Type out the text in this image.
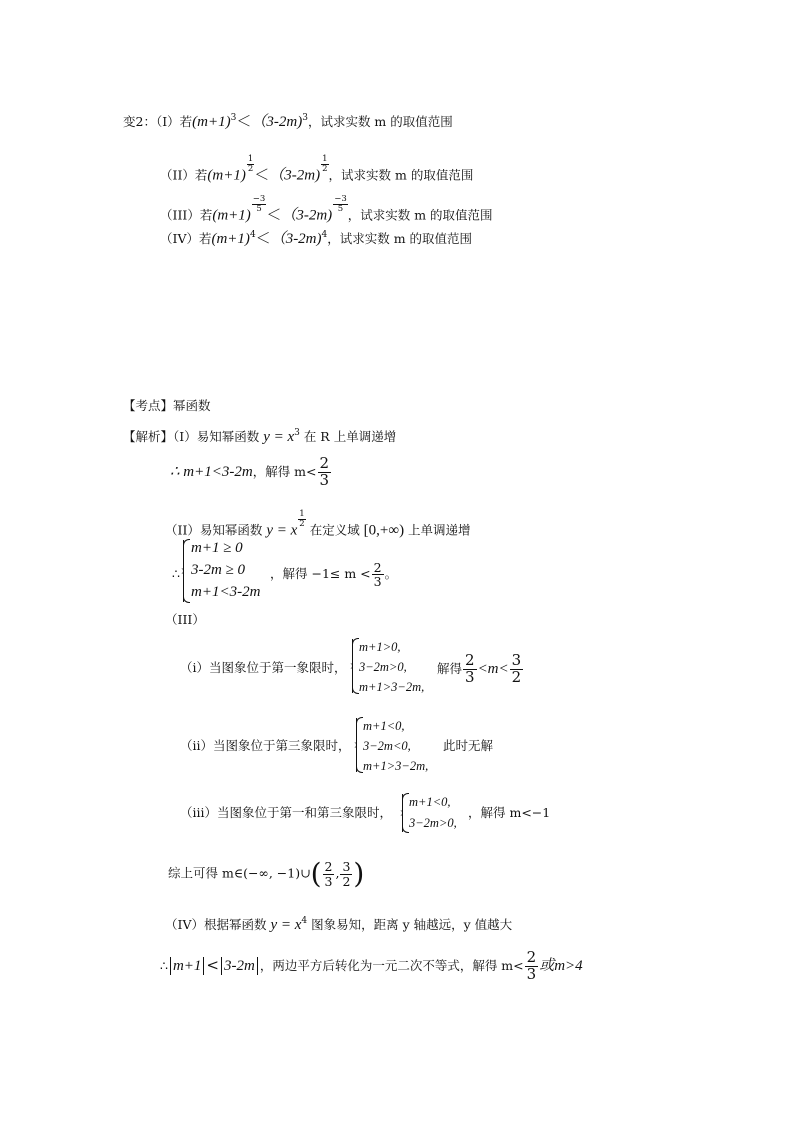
变2：（I）若$(m+1)^3<(3-2m)^3$，试求实数 m 的取值范围
（II）若(m+1)
$\frac{1}{2}$
＜（3-2m)
$\frac{1}{2}$
，试求实数 m 的取值范围
（III）若(m+1)
$\frac{-3}{5}$
＜（3-2m)
$\frac{-3}{5}$
，试求实数 m 的取值范围
（IV）若$(m+1)^4<(3-2m)^4$，试求实数 m 的取值范围
【考点】幂函数
【解析】（I）易知幂函数 $y = x^3$ 在 R 上单调递增
∴ m+1<3-2m，解得 $m< \frac{2}{3}$
（II）易知幂函数 y = x
$\frac{1}{2}$
在定义域 [0,+∞) 上单调递增
∴
m+1 ≥ 0
3-2m ≥ 0
m+1<3-2m
，解得 $-1\le m < \frac{2}{3}$ 。
（III）
（i）当图象位于第一象限时，
m+1>0,
3−2m>0,
m+1>3−2m,
解得 $\frac{2}{3} <m< \frac{3}{2}$
（ii）当图象位于第三象限时，
m+1<0,
3−2m<0,
m+1>3−2m,
此时无解
（iii）当图象位于第一和第三象限时，
m+1<0,
3−2m>0,
，解得 m<−1
综上可得 m∈(−∞, −1)∪( $\frac{2}{3}$ , $\frac{3}{2}$ )
（IV）根据幂函数 $y = x^4$ 图象易知，距离 y 轴越远，y 值越大
∴ m+1 < 3-2m ，两边平方后转化为一元二次不等式，解得 $m< \frac{2}{3}$ 或m>4
